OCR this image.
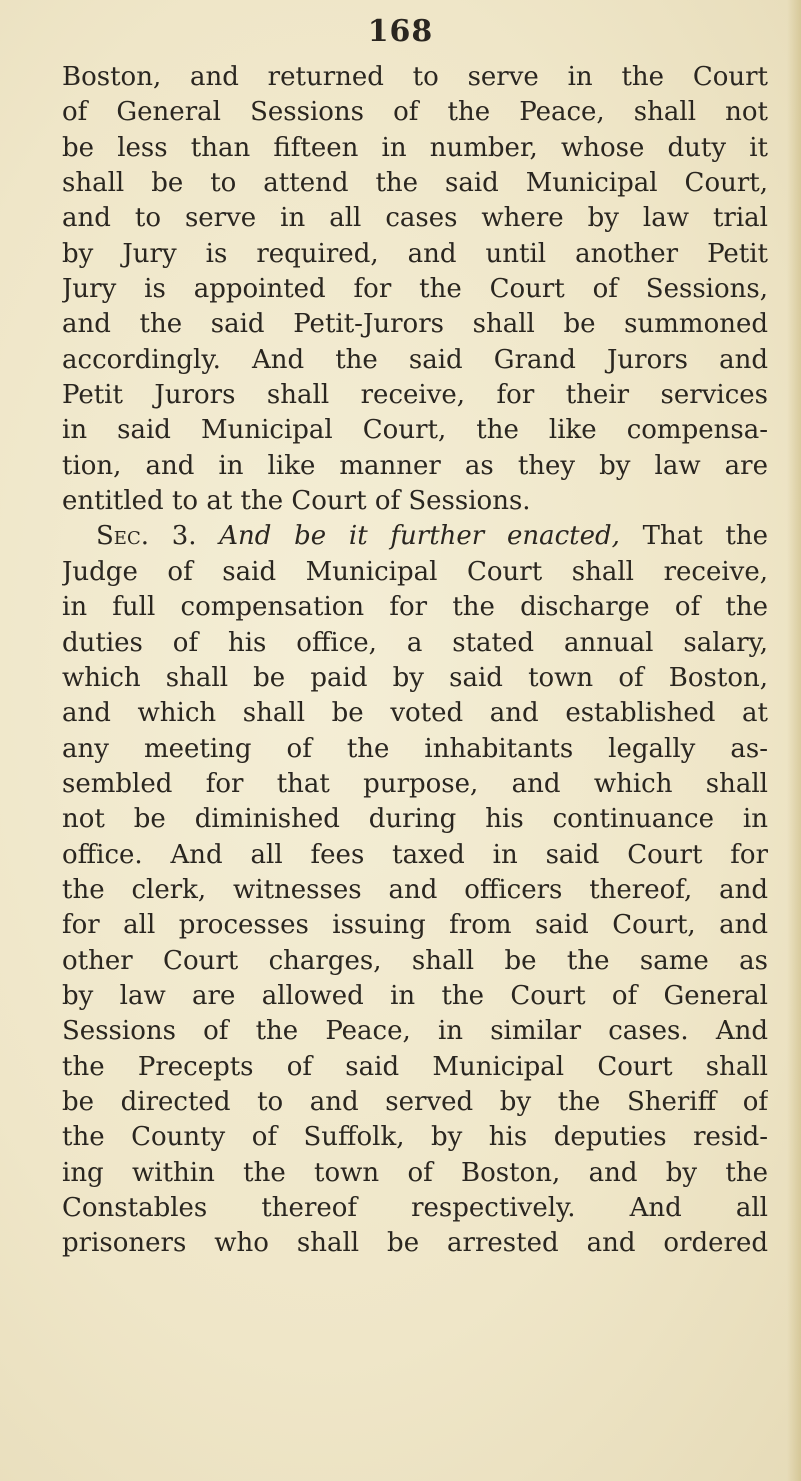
168
Boston, and returned to serve in the Court
of General Sessions of the Peace, shall not
be less than fifteen in number, whose duty it
shall be to attend the said Municipal Court,
and to serve in all cases where by law trial
by Jury is required, and until another Petit
Jury is appointed for the Court of Sessions,
and the said Petit-Jurors shall be summoned
accordingly. And the said Grand Jurors and
Petit Jurors shall receive, for their services
in said Municipal Court, the like compensa-
tion, and in like manner as they by law are
entitled to at the Court of Sessions.
Sec. 3. And be it further enacted, That the
Judge of said Municipal Court shall receive,
in full compensation for the discharge of the
duties of his office, a stated annual salary,
which shall be paid by said town of Boston,
and which shall be voted and established at
any meeting of the inhabitants legally as-
sembled for that purpose, and which shall
not be diminished during his continuance in
office. And all fees taxed in said Court for
the clerk, witnesses and officers thereof, and
for all processes issuing from said Court, and
other Court charges, shall be the same as
by law are allowed in the Court of General
Sessions of the Peace, in similar cases. And
the Precepts of said Municipal Court shall
be directed to and served by the Sheriff of
the County of Suffolk, by his deputies resid-
ing within the town of Boston, and by the
Constables thereof respectively. And all
prisoners who shall be arrested and ordered
